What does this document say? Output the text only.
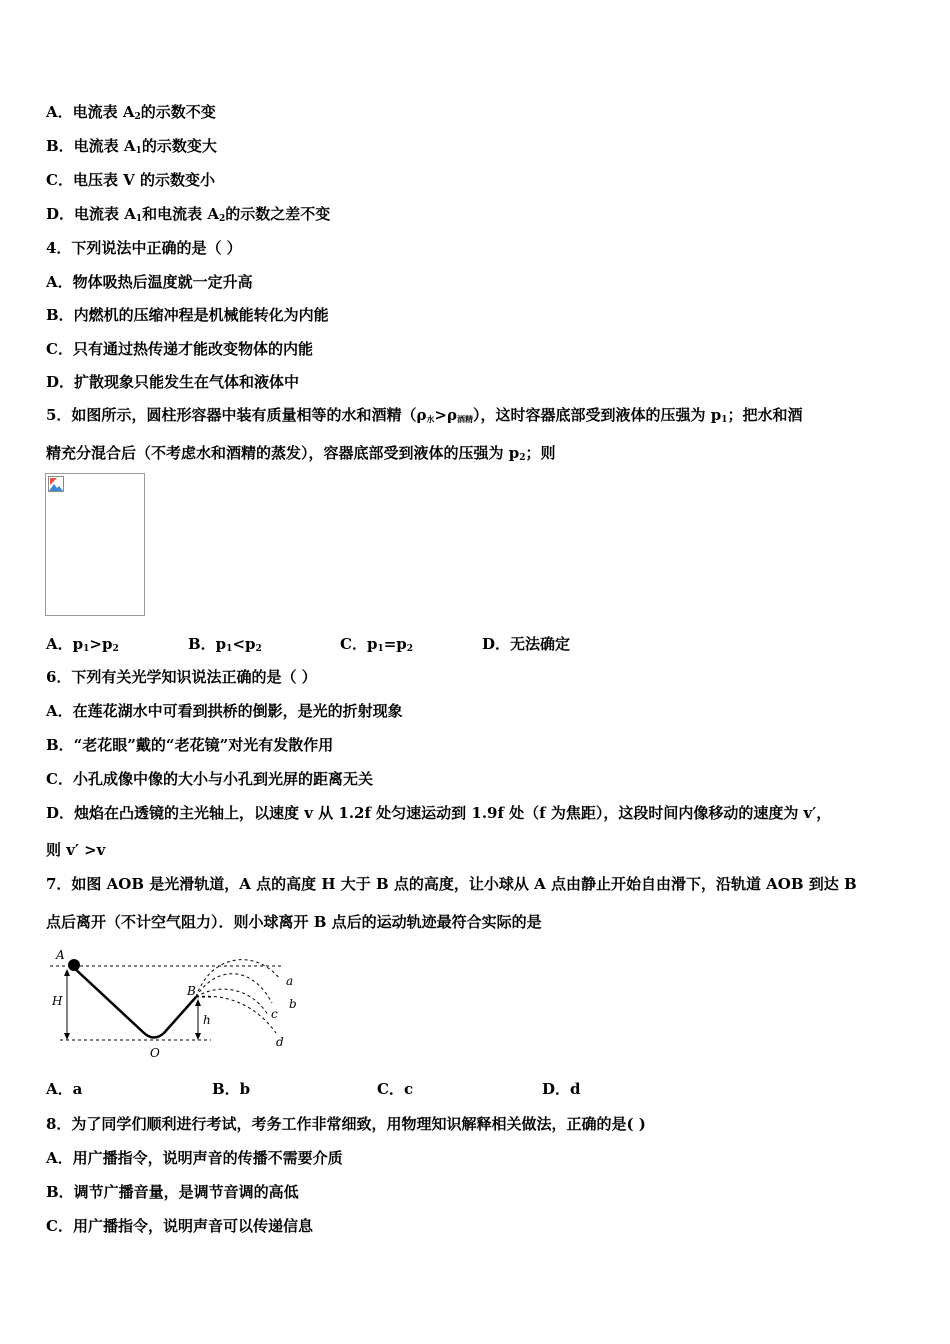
A．电流表 $A_2$的示数不变
B．电流表 $A_1$的示数变大
C．电压表 V 的示数变小
D．电流表 $A_1$和电流表 $A_2$的示数之差不变
4．下列说法中正确的是（ ）
A．物体吸热后温度就一定升高
B．内燃机的压缩冲程是机械能转化为内能
C．只有通过热传递才能改变物体的内能
D．扩散现象只能发生在气体和液体中
5．如图所示，圆柱形容器中装有质量相等的水和酒精$(\rho_水>\rho_{酒精})$，这时容器底部受到液体的压强为 $p_1$；把水和酒
精充分混合后（不考虑水和酒精的蒸发），容器底部受到液体的压强为 $p_2$；则
A．$p_1>p_2$	B．$p_1<p_2$	C．$p_1=p_2$	D．无法确定
6．下列有关光学知识说法正确的是（ ）
A．在莲花湖水中可看到拱桥的倒影，是光的折射现象
B．“老花眼”戴的“老花镜”对光有发散作用
C．小孔成像中像的大小与小孔到光屏的距离无关
D．烛焰在凸透镜的主光轴上，以速度 v 从 1.2f 处匀速运动到 1.9f 处（f 为焦距），这段时间内像移动的速度为 v′，
则 v′ >v
7．如图 AOB 是光滑轨道，A 点的高度 H 大于 B 点的高度，让小球从 A 点由静止开始自由滑下，沿轨道 AOB 到达 B
点后离开（不计空气阻力）．则小球离开 B 点后的运动轨迹最符合实际的是
A
H
B
h
O
a
b
c
d
A．a	B．b	C．c	D．d
8．为了同学们顺利进行考试，考务工作非常细致，用物理知识解释相关做法，正确的是( )
A．用广播指令，说明声音的传播不需要介质
B．调节广播音量，是调节音调的高低
C．用广播指令，说明声音可以传递信息
